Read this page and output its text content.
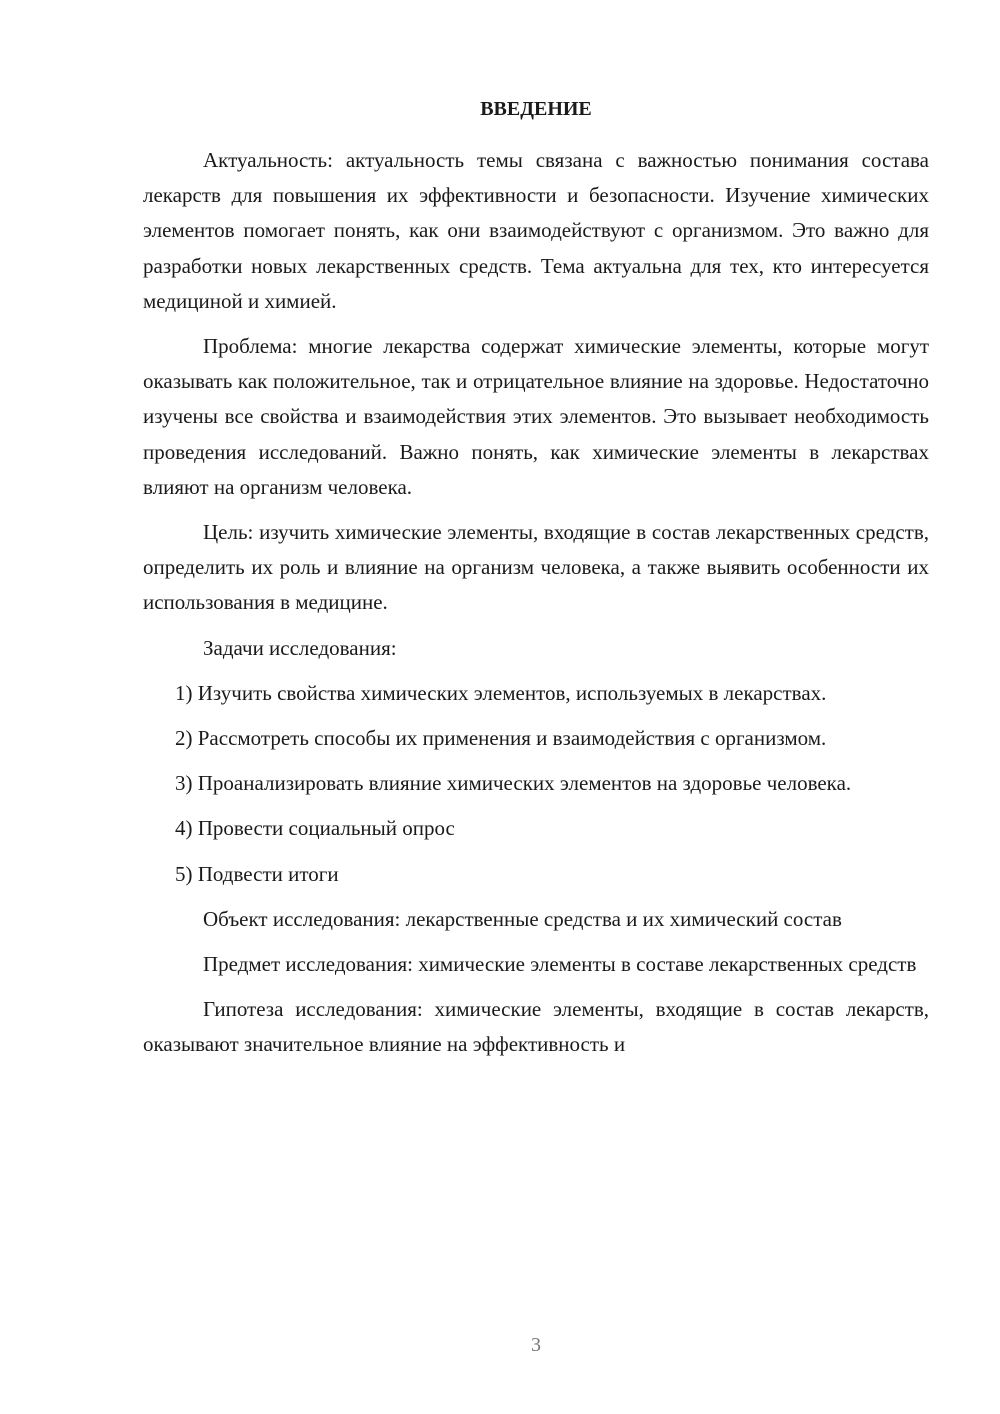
ВВЕДЕНИЕ

Актуальность: актуальность темы связана с важностью понимания состава лекарств для повышения их эффективности и безопасности. Изучение химических элементов помогает понять, как они взаимодействуют с организмом. Это важно для разработки новых лекарственных средств. Тема актуальна для тех, кто интересуется медициной и химией.

Проблема: многие лекарства содержат химические элементы, которые могут оказывать как положительное, так и отрицательное влияние на здоровье. Недостаточно изучены все свойства и взаимодействия этих элементов. Это вызывает необходимость проведения исследований. Важно понять, как химические элементы в лекарствах влияют на организм человека.

Цель: изучить химические элементы, входящие в состав лекарственных средств, определить их роль и влияние на организм человека, а также выявить особенности их использования в медицине.

Задачи исследования:

1) Изучить свойства химических элементов, используемых в лекарствах.

2) Рассмотреть способы их применения и взаимодействия с организмом.

3) Проанализировать влияние химических элементов на здоровье человека.

4) Провести социальный опрос

5) Подвести итоги

Объект исследования: лекарственные средства и их химический состав

Предмет исследования: химические элементы в составе лекарственных средств

Гипотеза исследования: химические элементы, входящие в состав лекарств, оказывают значительное влияние на эффективность и

3
